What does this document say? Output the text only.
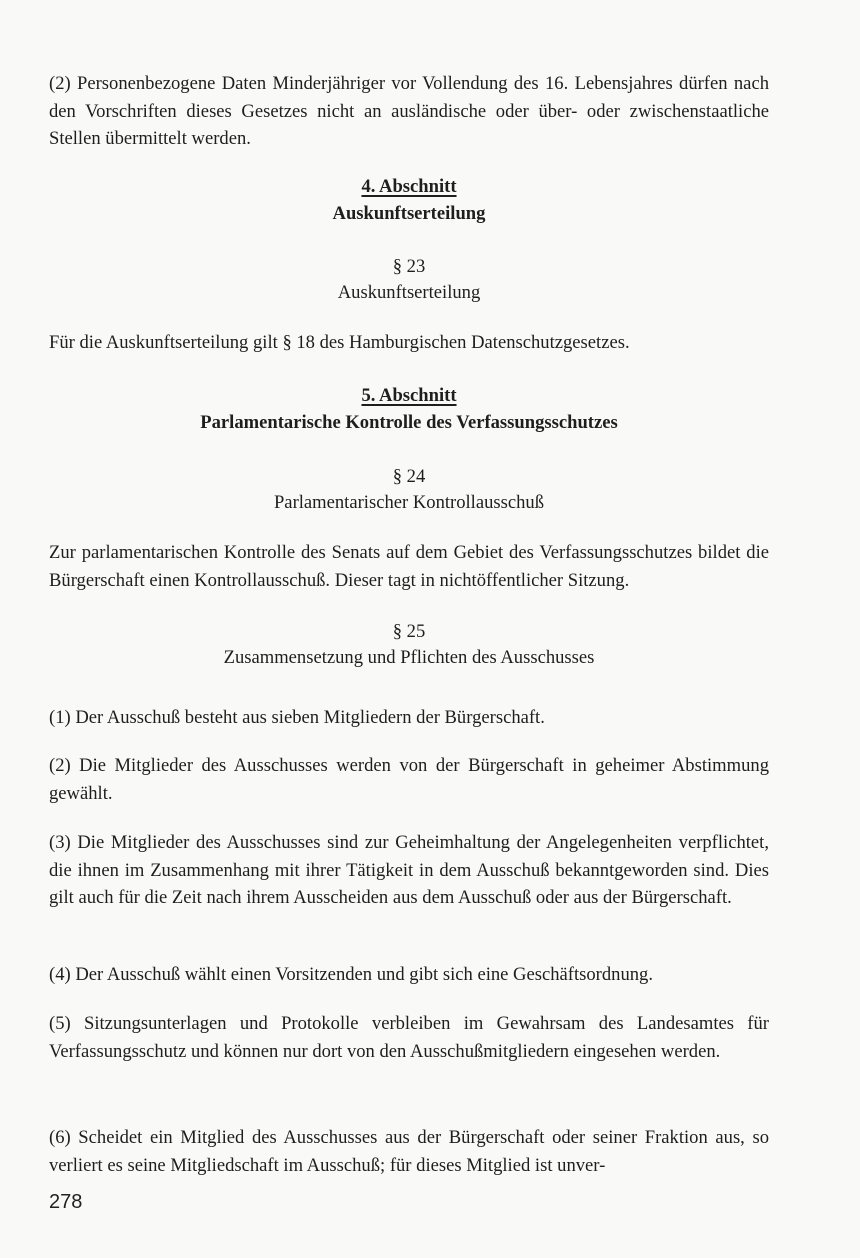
(2) Personenbezogene Daten Minderjähriger vor Vollendung des 16. Lebensjahres dürfen nach den Vorschriften dieses Gesetzes nicht an ausländische oder über- oder zwischenstaatliche Stellen übermittelt werden.

4. Abschnitt
Auskunftserteilung
§ 23
Auskunftserteilung

Für die Auskunftserteilung gilt § 18 des Hamburgischen Datenschutzgesetzes.

5. Abschnitt
Parlamentarische Kontrolle des Verfassungsschutzes
§ 24
Parlamentarischer Kontrollausschuß

Zur parlamentarischen Kontrolle des Senats auf dem Gebiet des Verfassungsschutzes bildet die Bürgerschaft einen Kontrollausschuß. Dieser tagt in nichtöffentlicher Sitzung.

§ 25
Zusammensetzung und Pflichten des Ausschusses

(1) Der Ausschuß besteht aus sieben Mitgliedern der Bürgerschaft.

(2) Die Mitglieder des Ausschusses werden von der Bürgerschaft in geheimer Abstimmung gewählt.

(3) Die Mitglieder des Ausschusses sind zur Geheimhaltung der Angelegenheiten verpflichtet, die ihnen im Zusammenhang mit ihrer Tätigkeit in dem Ausschuß bekanntgeworden sind. Dies gilt auch für die Zeit nach ihrem Ausscheiden aus dem Ausschuß oder aus der Bürgerschaft.

(4) Der Ausschuß wählt einen Vorsitzenden und gibt sich eine Geschäftsordnung.

(5) Sitzungsunterlagen und Protokolle verbleiben im Gewahrsam des Landesamtes für Verfassungsschutz und können nur dort von den Ausschußmitgliedern eingesehen werden.

(6) Scheidet ein Mitglied des Ausschusses aus der Bürgerschaft oder seiner Fraktion aus, so verliert es seine Mitgliedschaft im Ausschuß; für dieses Mitglied ist unver-

278
